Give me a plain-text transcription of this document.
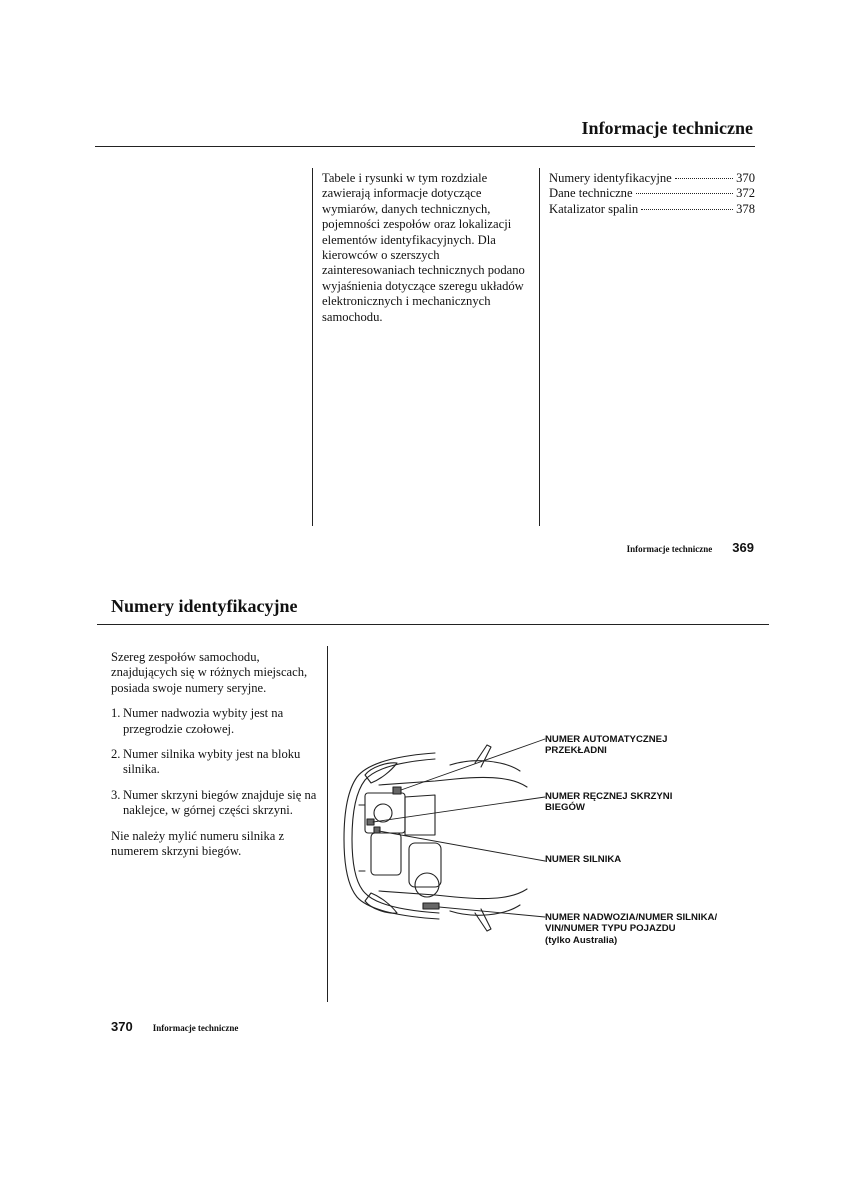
Informacje techniczne

Tabele i rysunki w tym rozdziale zawierają informacje dotyczące wymiarów, danych technicznych, pojemności zespołów oraz lokalizacji elementów identyfikacyjnych. Dla kierowców o szerszych zainteresowaniach technicznych podano wyjaśnienia dotyczące szeregu układów elektronicznych i mechanicznych samochodu.

Numery identyfikacyjne	370
Dane techniczne	372
Katalizator spalin	378
Informacje techniczne 369
Numery identyfikacyjne

Szereg zespołów samochodu, znajdujących się w różnych miejscach, posiada swoje numery seryjne.

1. Numer nadwozia wybity jest na przegrodzie czołowej.
2. Numer silnika wybity jest na bloku silnika.
3. Numer skrzyni biegów znajduje się na naklejce, w górnej części skrzyni.

Nie należy mylić numeru silnika z numerem skrzyni biegów.

NUMER AUTOMATYCZNEJ
PRZEKŁADNI

NUMER RĘCZNEJ SKRZYNI
BIEGÓW

NUMER SILNIKA

NUMER NADWOZIA/NUMER SILNIKA/
VIN/NUMER TYPU POJAZDU
(tylko Australia)

370 Informacje techniczne
